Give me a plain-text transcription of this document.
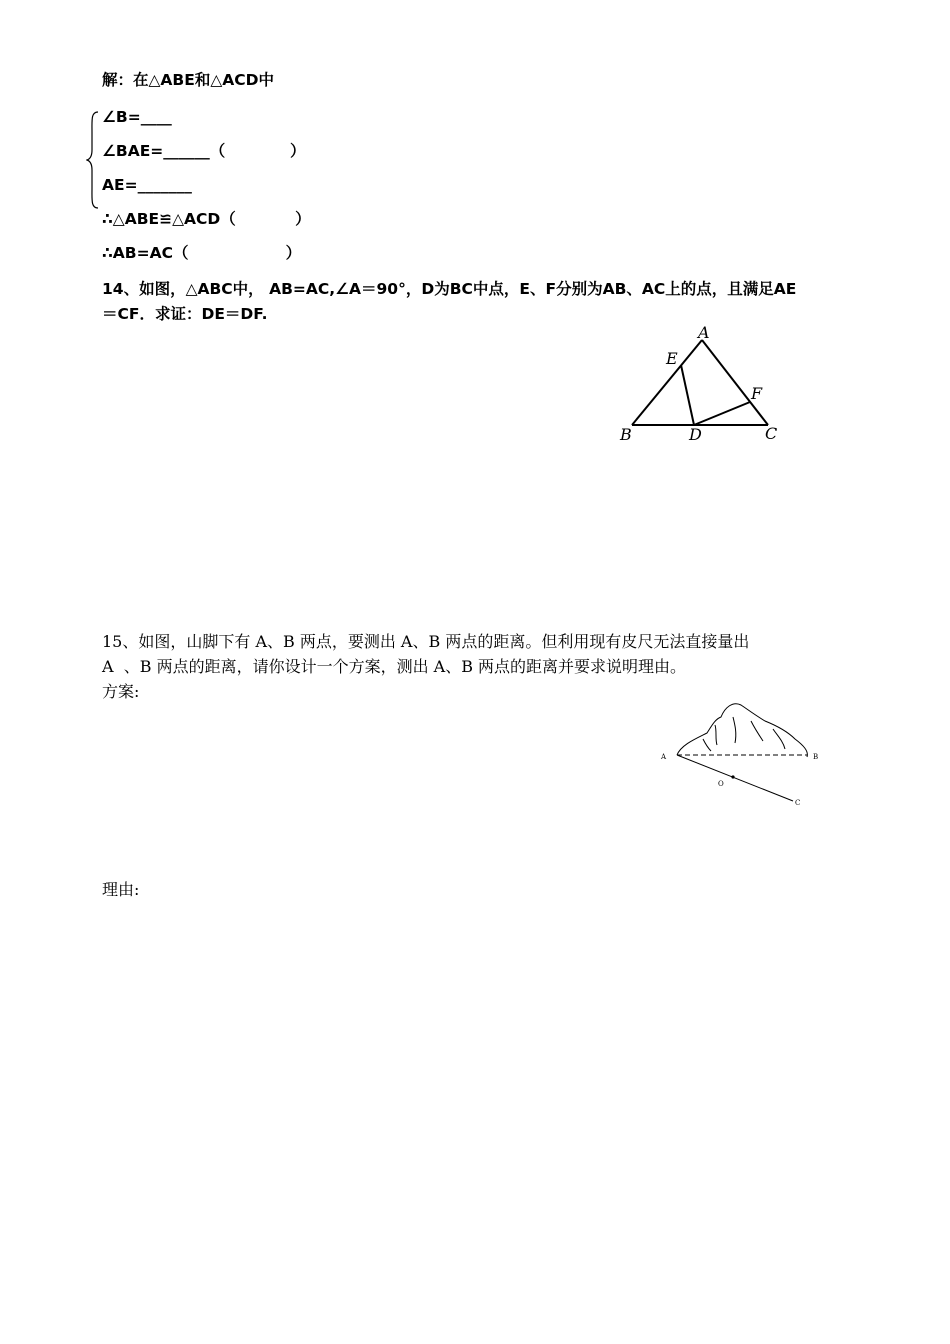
解：在△ABE和△ACD中
∠B=____
∠BAE=______（            ）
AE=_______
∴△ABE≌△ACD（           ）
∴AB=AC（                  ）
14、如图，△ABC中， AB=AC,∠A＝90°，D为BC中点，E、F分别为AB、AC上的点，且满足AE
＝CF．求证：DE＝DF.
A
E
F
B	D	C
15、如图，山脚下有 A、B 两点，要测出 A、B 两点的距离。但利用现有皮尺无法直接量出
A  、B 两点的距离，请你设计一个方案，测出 A、B 两点的距离并要求说明理由。
方案:
A	B
O
C
理由:
